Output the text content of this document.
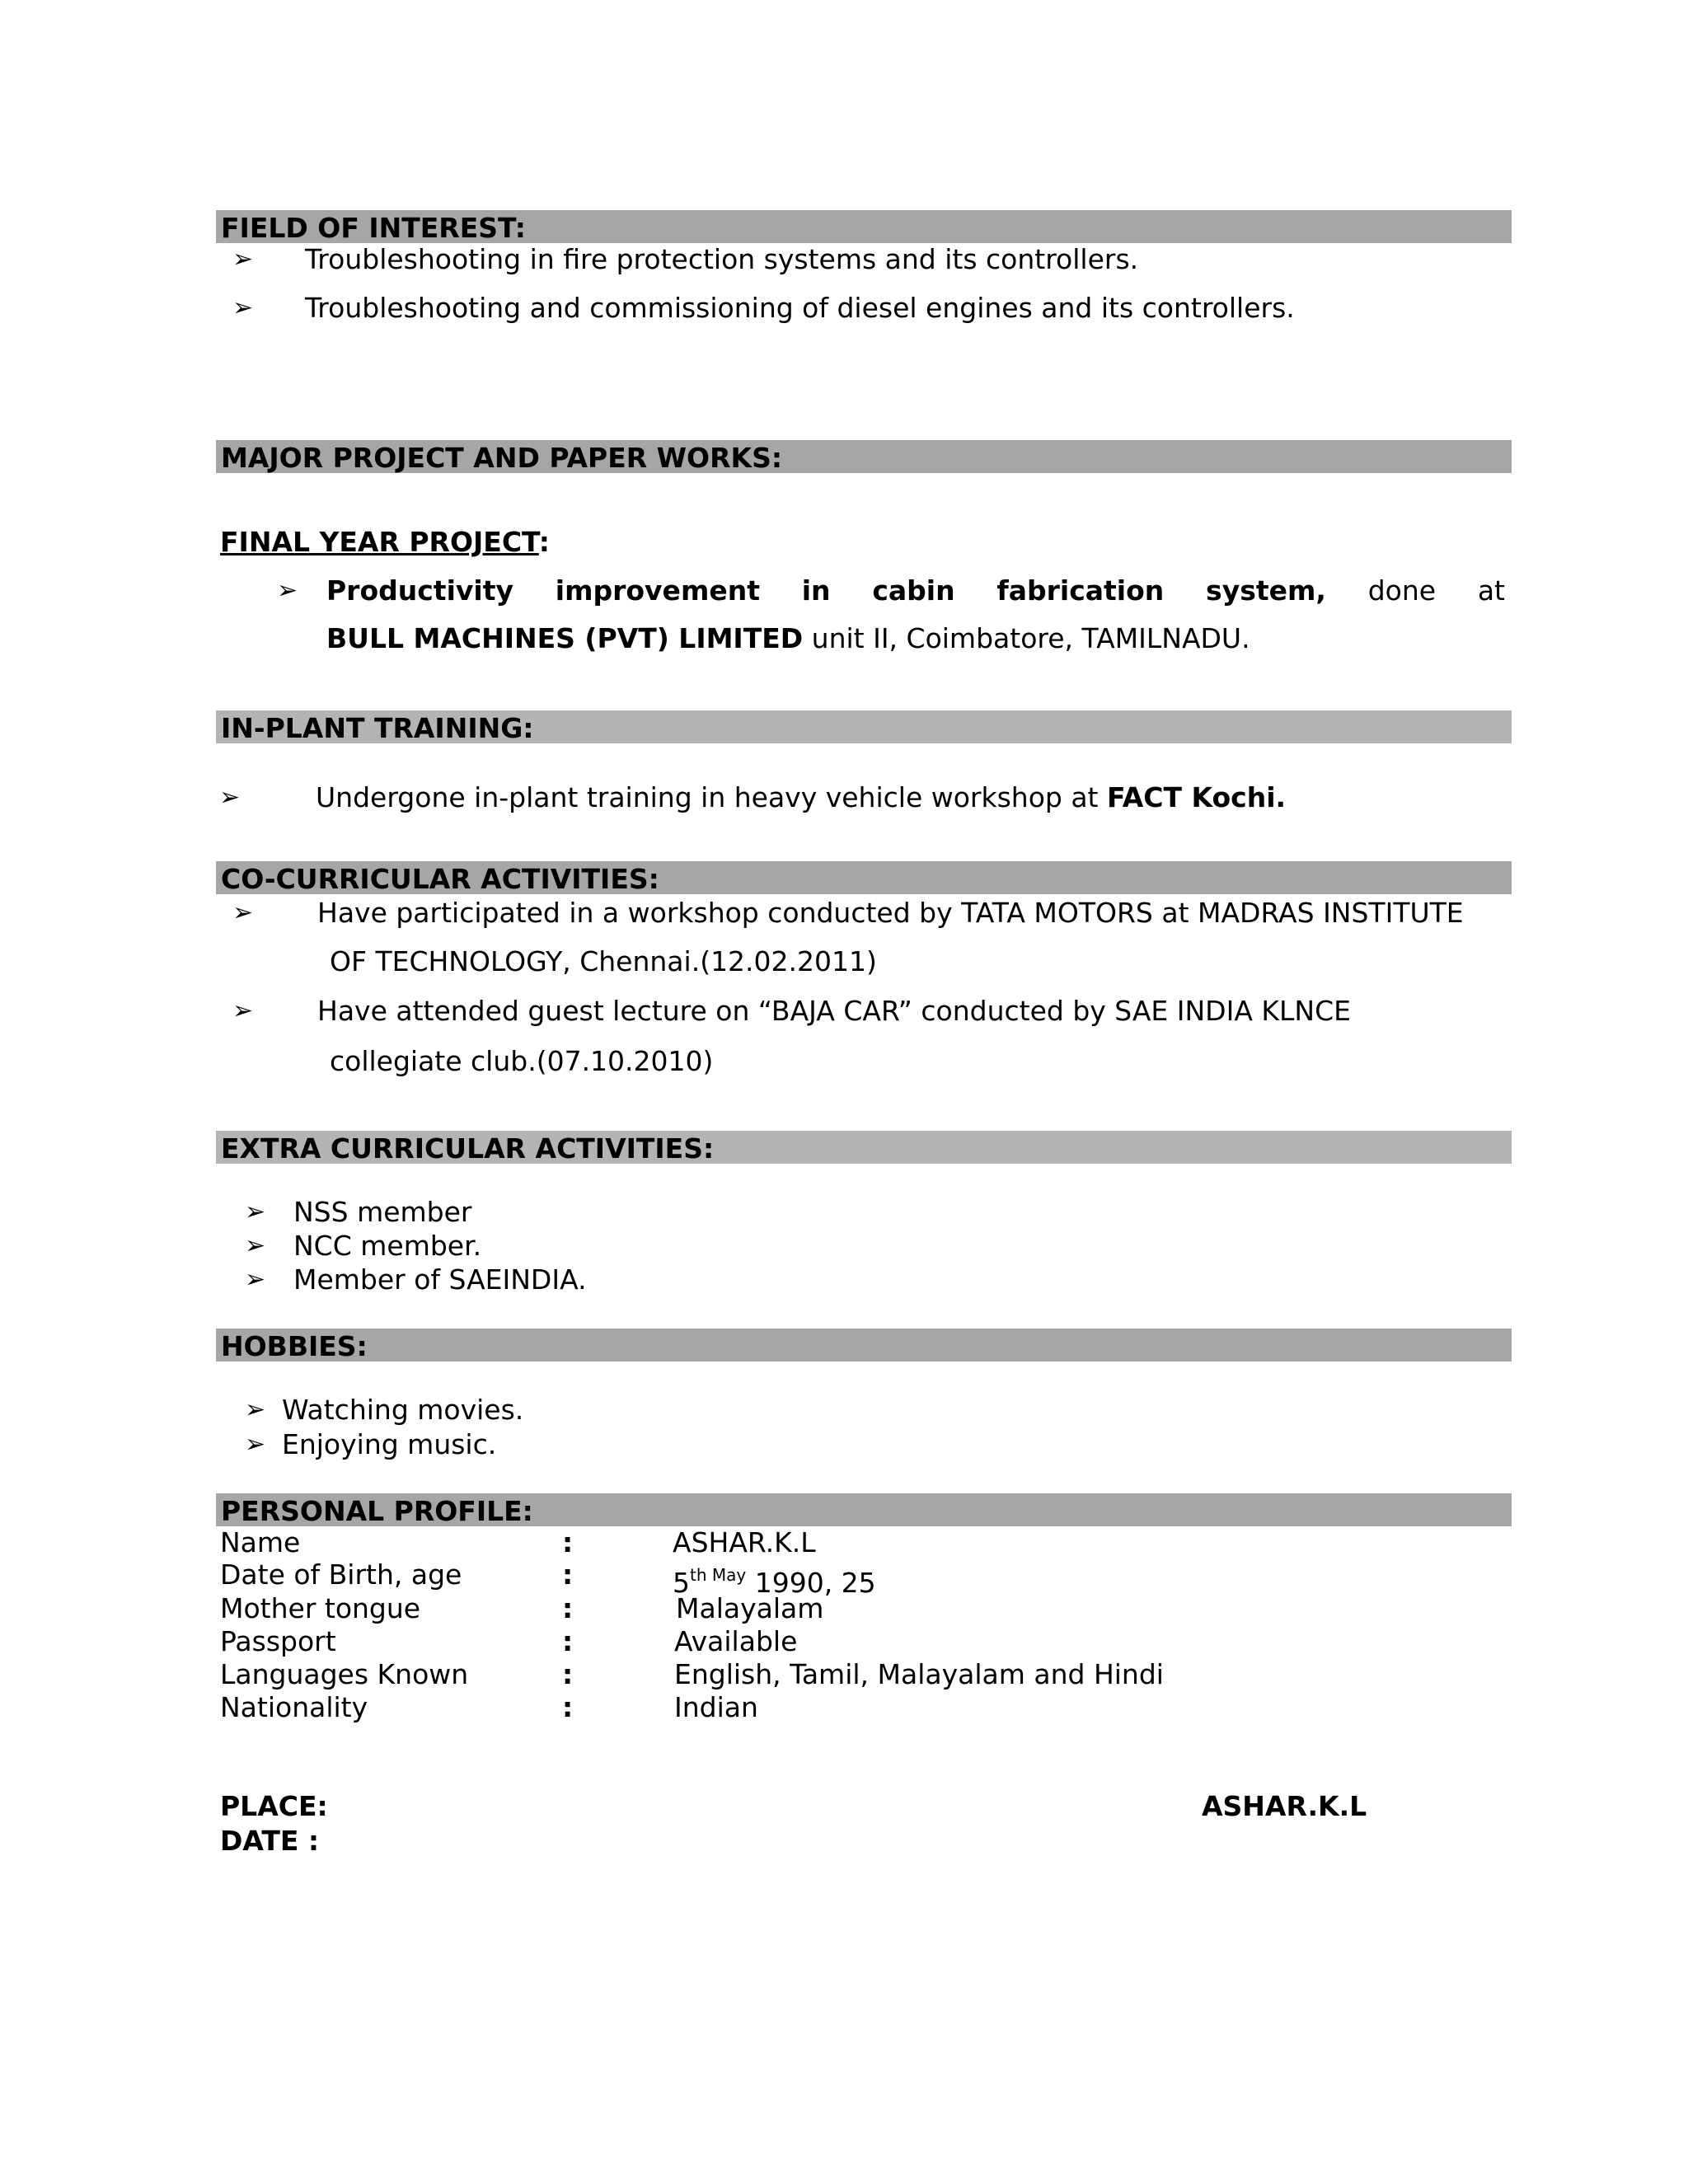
FIELD OF INTEREST:
➢ Troubleshooting in fire protection systems and its controllers.
➢ Troubleshooting and commissioning of diesel engines and its controllers.
MAJOR PROJECT AND PAPER WORKS:
FINAL YEAR PROJECT:
➢ Productivity improvement in cabin fabrication system, done at
BULL MACHINES (PVT) LIMITED unit II, Coimbatore, TAMILNADU.
IN-PLANT TRAINING:
➢	Undergone in-plant training in heavy vehicle workshop at FACT Kochi.
CO-CURRICULAR ACTIVITIES:
➢ Have participated in a workshop conducted by TATA MOTORS at MADRAS INSTITUTE
OF TECHNOLOGY, Chennai.(12.02.2011)
➢ Have attended guest lecture on “BAJA CAR” conducted by SAE INDIA KLNCE
collegiate club.(07.10.2010)
EXTRA CURRICULAR ACTIVITIES:
➢ NSS member
➢ NCC member.
➢ Member of SAEINDIA.
HOBBIES:
➢ Watching movies.
➢ Enjoying music.
PERSONAL PROFILE:
Name	:	ASHAR.K.L
Date of Birth, age	:	$5^{th May}$ 1990, 25
Mother tongue	:	Malayalam
Passport	:	Available
Languages Known	:	English, Tamil, Malayalam and Hindi
Nationality	:	Indian
PLACE:
DATE :
ASHAR.K.L
